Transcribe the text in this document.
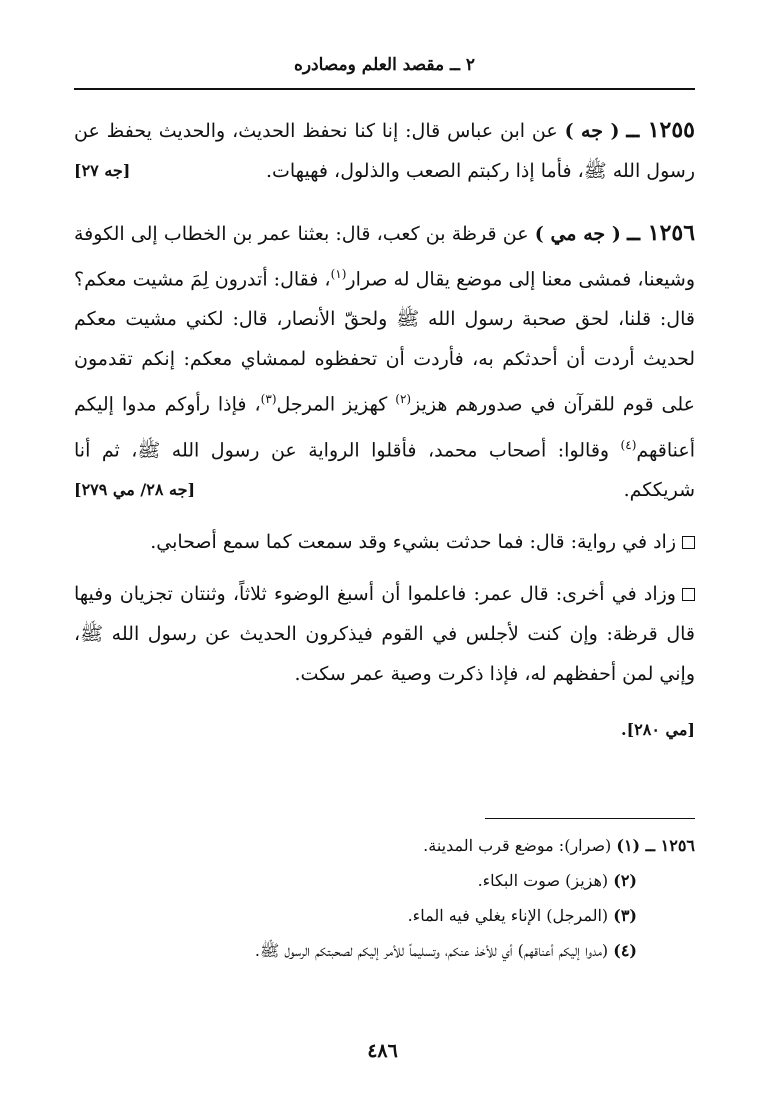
٢ ــ مقصد العلم ومصادره

١٢٥٥ ــ ( جه ) عن ابن عباس قال: إنا كنا نحفظ الحديث، والحديث يحفظ عن رسول الله ﷺ، فأما إذا ركبتم الصعب والذلول، فهيهات.
[جه ٢٧]

١٢٥٦ ــ ( جه مي ) عن قرظة بن كعب، قال: بعثنا عمر بن الخطاب إلى الكوفة وشيعنا، فمشى معنا إلى موضع يقال له صرار$^{(١)}$، فقال: أتدرون لِمَ مشيت معكم؟ قال: قلنا، لحق صحبة رسول الله ﷺ ولحقّ الأنصار، قال: لكني مشيت معكم لحديث أردت أن أحدثكم به، فأردت أن تحفظوه لممشاي معكم: إنكم تقدمون على قوم للقرآن في صدورهم هزيز$^{(٢)}$ كهزيز المرجل$^{(٣)}$، فإذا رأوكم مدوا إليكم أعناقهم$^{(٤)}$ وقالوا: أصحاب محمد، فأقلوا الرواية عن رسول الله ﷺ، ثم أنا شريككم.
[جه ٢٨/ مي ٢٧٩]

زاد في رواية: قال: فما حدثت بشيء وقد سمعت كما سمع أصحابي.

وزاد في أخرى: قال عمر: فاعلموا أن أسبغ الوضوء ثلاثاً، وثنتان تجزيان وفيها قال قرظة: وإن كنت لأجلس في القوم فيذكرون الحديث عن رسول الله ﷺ، وإني لمن أحفظهم له، فإذا ذكرت وصية عمر سكت.

[مي ٢٨٠].

١٢٥٦ ــ (١) (صرار): موضع قرب المدينة.

(٢) (هزيز) صوت البكاء.

(٣) (المرجل) الإناء يغلي فيه الماء.

(٤) (مدوا إليكم أعناقهم) أي للأخذ عنكم، وتسليماً للأمر إليكم لصحبتكم الرسول ﷺ.

٤٨٦
